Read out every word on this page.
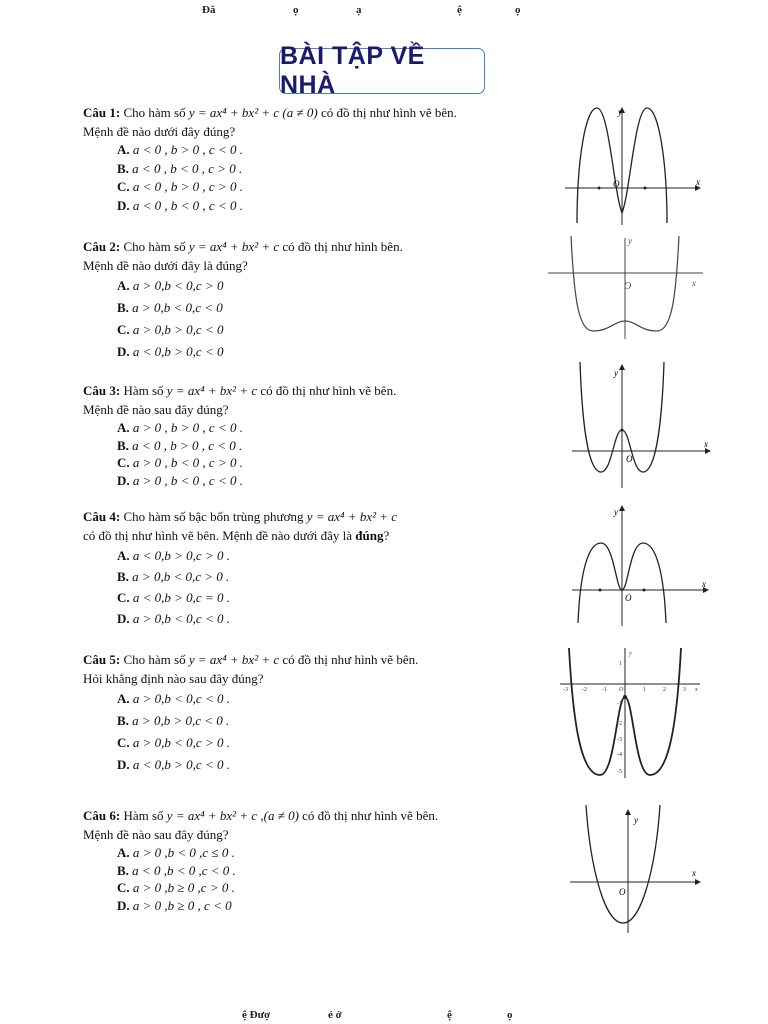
Đă	ọ	ạ	ệ	ọ
BÀI TẬP VỀ NHÀ
Câu 1: Cho hàm số y = ax⁴ + bx² + c (a ≠ 0) có đồ thị như hình vẽ bên.
Mệnh đề nào dưới đây đúng?
A. a < 0 , b > 0 , c < 0 .
B. a < 0 , b < 0 , c > 0 .
C. a < 0 , b > 0 , c > 0 .
D. a < 0 , b < 0 , c < 0 .
Câu 2: Cho hàm số y = ax⁴ + bx² + c có đồ thị như hình bên.
Mệnh đề nào dưới đây là đúng?
A. a > 0,b < 0,c > 0
B. a > 0,b < 0,c < 0
C. a > 0,b > 0,c < 0
D. a < 0,b > 0,c < 0
Câu 3: Hàm số y = ax⁴ + bx² + c có đồ thị như hình vẽ bên.
Mệnh đề nào sau đây đúng?
A. a > 0 , b > 0 , c < 0 .
B. a < 0 , b > 0 , c < 0 .
C. a > 0 , b < 0 , c > 0 .
D. a > 0 , b < 0 , c < 0 .
Câu 4: Cho hàm số bậc bốn trùng phương y = ax⁴ + bx² + c
có đồ thị như hình vẽ bên. Mệnh đề nào dưới đây là đúng?
A. a < 0,b > 0,c > 0 .
B. a > 0,b < 0,c > 0 .
C. a < 0,b > 0,c = 0 .
D. a > 0,b < 0,c < 0 .
Câu 5: Cho hàm số y = ax⁴ + bx² + c có đồ thị như hình vẽ bên.
Hỏi khẳng định nào sau đây đúng?
A. a > 0,b < 0,c < 0 .
B. a > 0,b > 0,c < 0 .
C. a > 0,b < 0,c > 0 .
D. a < 0,b > 0,c < 0 .
Câu 6: Hàm số y = ax⁴ + bx² + c ,(a ≠ 0) có đồ thị như hình vẽ bên.
Mệnh đề nào sau đây đúng?
A. a > 0 ,b < 0 ,c ≤ 0 .
B. a < 0 ,b < 0 ,c < 0 .
C. a > 0 ,b ≥ 0 ,c > 0 .
D. a > 0 ,b ≥ 0 , c < 0
y
x
O
y
x
O
y
x
O
y
x
O
-3 -2	-1	1	2	3
1
-1
-2
-3
-4
-5
y
x
O
y
x
O
ệ Đượ	ẻ ở	ệ	ọ
